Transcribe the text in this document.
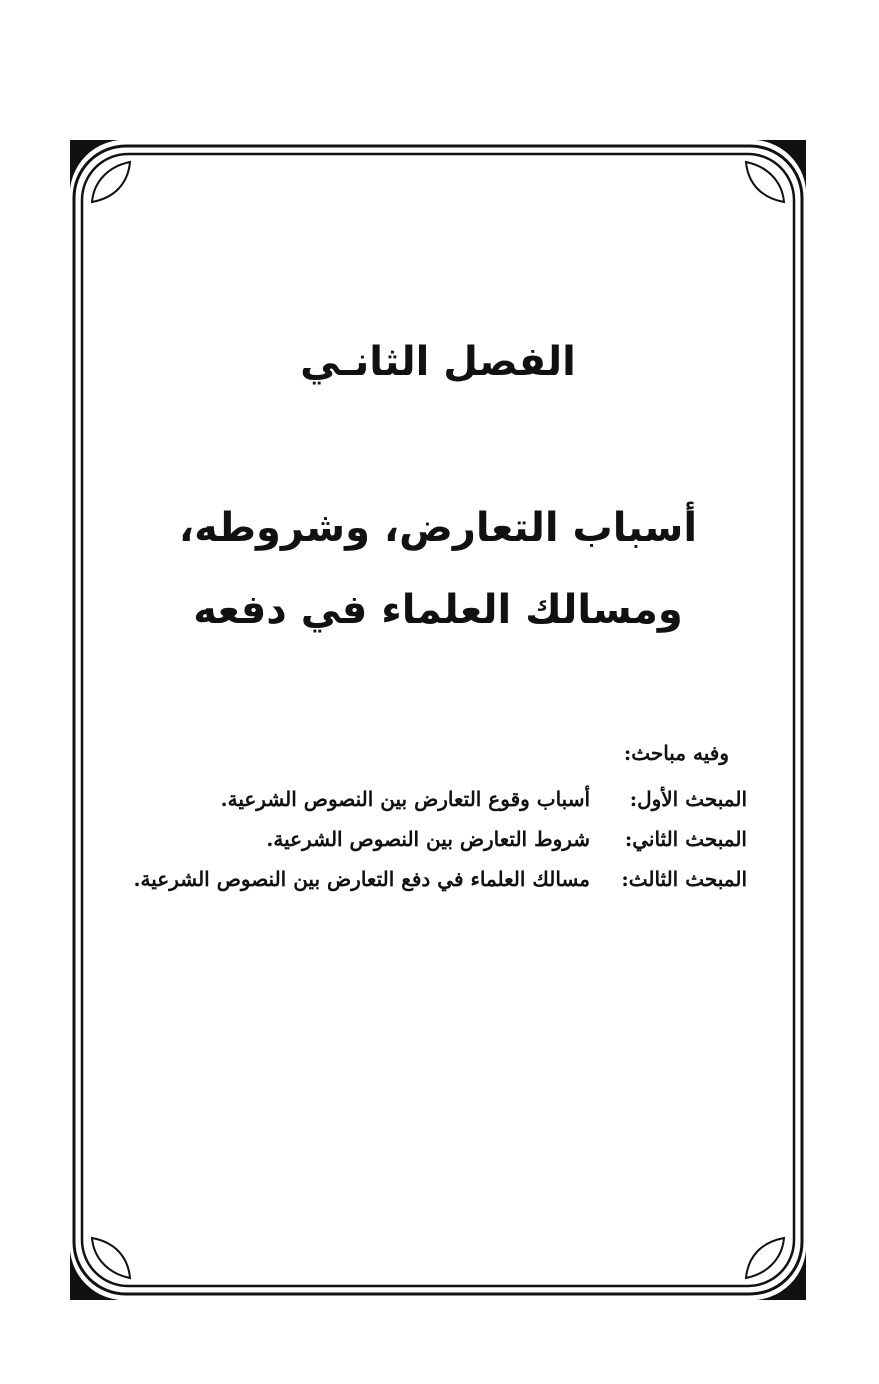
الفصل الثانـي
أسباب التعارض، وشروطه،
ومسالك العلماء في دفعه
وفيه مباحث:
المبحث الأول: أسباب وقوع التعارض بين النصوص الشرعية.
المبحث الثاني: شروط التعارض بين النصوص الشرعية.
المبحث الثالث: مسالك العلماء في دفع التعارض بين النصوص الشرعية.
